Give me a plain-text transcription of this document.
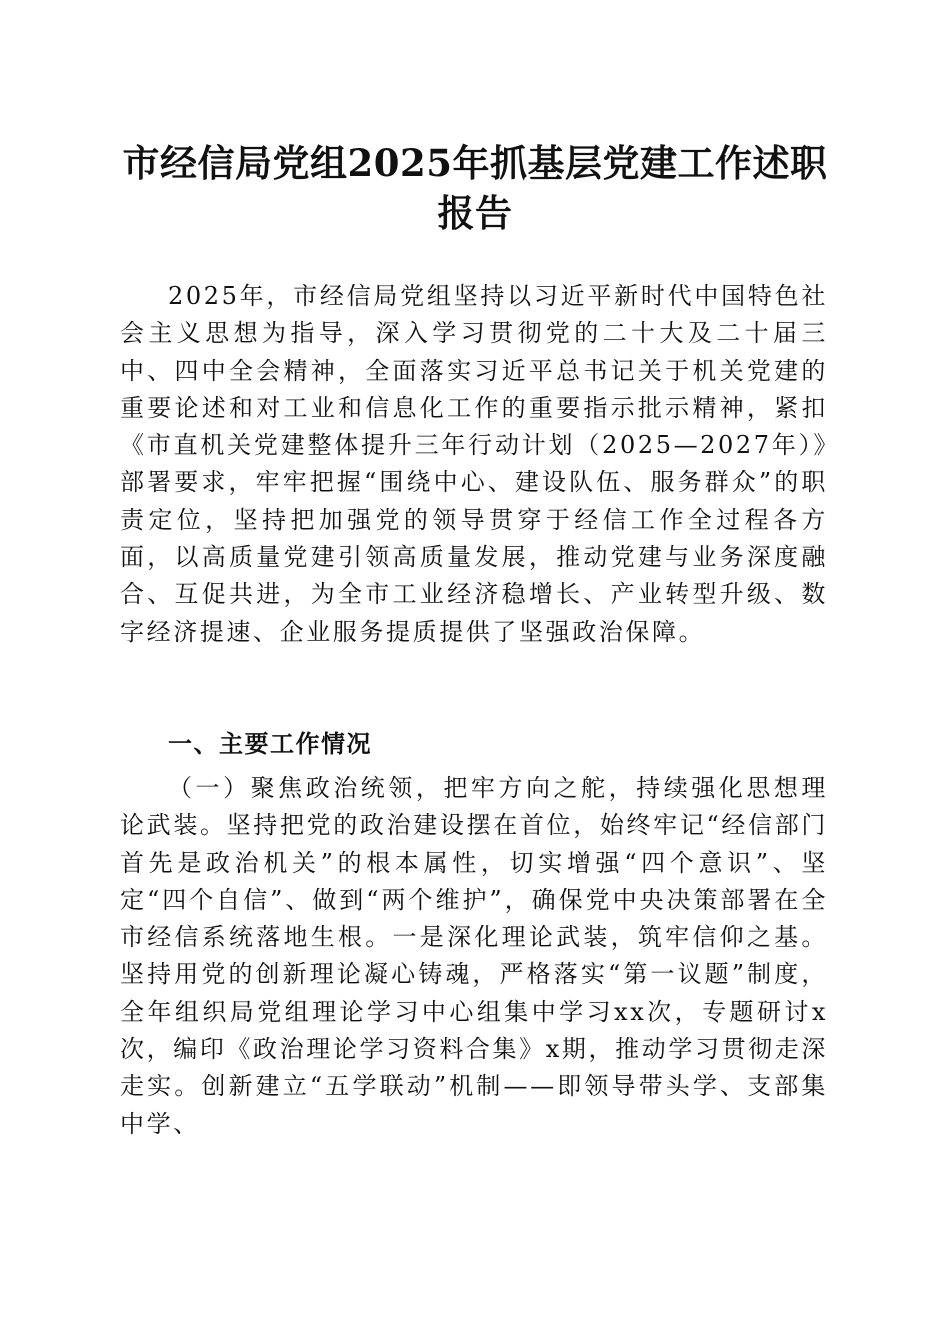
市经信局党组2025年抓基层党建工作述职报告

2025年，市经信局党组坚持以习近平新时代中国特色社会主义思想为指导，深入学习贯彻党的二十大及二十届三中、四中全会精神，全面落实习近平总书记关于机关党建的重要论述和对工业和信息化工作的重要指示批示精神，紧扣《市直机关党建整体提升三年行动计划（2025—2027年）》部署要求，牢牢把握“围绕中心、建设队伍、服务群众”的职责定位，坚持把加强党的领导贯穿于经信工作全过程各方面，以高质量党建引领高质量发展，推动党建与业务深度融合、互促共进，为全市工业经济稳增长、产业转型升级、数字经济提速、企业服务提质提供了坚强政治保障。

一、主要工作情况

（一）聚焦政治统领，把牢方向之舵，持续强化思想理论武装。坚持把党的政治建设摆在首位，始终牢记“经信部门首先是政治机关”的根本属性，切实增强“四个意识”、坚定“四个自信”、做到“两个维护”，确保党中央决策部署在全市经信系统落地生根。一是深化理论武装，筑牢信仰之基。坚持用党的创新理论凝心铸魂，严格落实“第一议题”制度，全年组织局党组理论学习中心组集中学习xx次，专题研讨x次，编印《政治理论学习资料合集》x期，推动学习贯彻走深走实。创新建立“五学联动”机制——即领导带头学、支部集中学、
